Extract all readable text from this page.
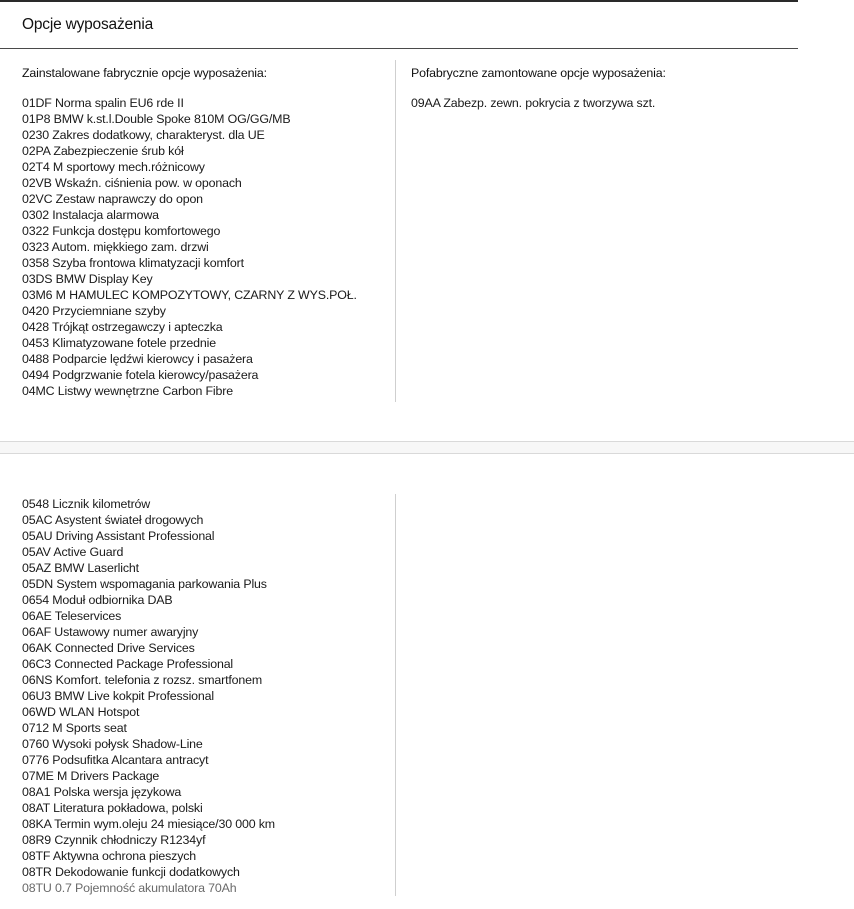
Opcje wyposażenia
Zainstalowane fabrycznie opcje wyposażenia:
01DF Norma spalin EU6 rde II
01P8 BMW k.st.l.Double Spoke 810M OG/GG/MB
0230 Zakres dodatkowy, charakteryst. dla UE
02PA Zabezpieczenie śrub kół
02T4 M sportowy mech.różnicowy
02VB Wskaźn. ciśnienia pow. w oponach
02VC Zestaw naprawczy do opon
0302 Instalacja alarmowa
0322 Funkcja dostępu komfortowego
0323 Autom. miękkiego zam. drzwi
0358 Szyba frontowa klimatyzacji komfort
03DS BMW Display Key
03M6 M HAMULEC KOMPOZYTOWY, CZARNY Z WYS.POŁ.
0420 Przyciemniane szyby
0428 Trójkąt ostrzegawczy i apteczka
0453 Klimatyzowane fotele przednie
0488 Podparcie lędźwi kierowcy i pasażera
0494 Podgrzwanie fotela kierowcy/pasażera
04MC Listwy wewnętrzne Carbon Fibre
Pofabryczne zamontowane opcje wyposażenia:
09AA Zabezp. zewn. pokrycia z tworzywa szt.
0548 Licznik kilometrów
05AC Asystent świateł drogowych
05AU Driving Assistant Professional
05AV Active Guard
05AZ BMW Laserlicht
05DN System wspomagania parkowania Plus
0654 Moduł odbiornika DAB
06AE Teleservices
06AF Ustawowy numer awaryjny
06AK Connected Drive Services
06C3 Connected Package Professional
06NS Komfort. telefonia z rozsz. smartfonem
06U3 BMW Live kokpit Professional
06WD WLAN Hotspot
0712 M Sports seat
0760 Wysoki połysk Shadow-Line
0776 Podsufitka Alcantara antracyt
07ME M Drivers Package
08A1 Polska wersja językowa
08AT Literatura pokładowa, polski
08KA Termin wym.oleju 24 miesiące/30 000 km
08R9 Czynnik chłodniczy R1234yf
08TF Aktywna ochrona pieszych
08TR Dekodowanie funkcji dodatkowych
08TU 0.7 Pojemność akumulatora 70Ah
